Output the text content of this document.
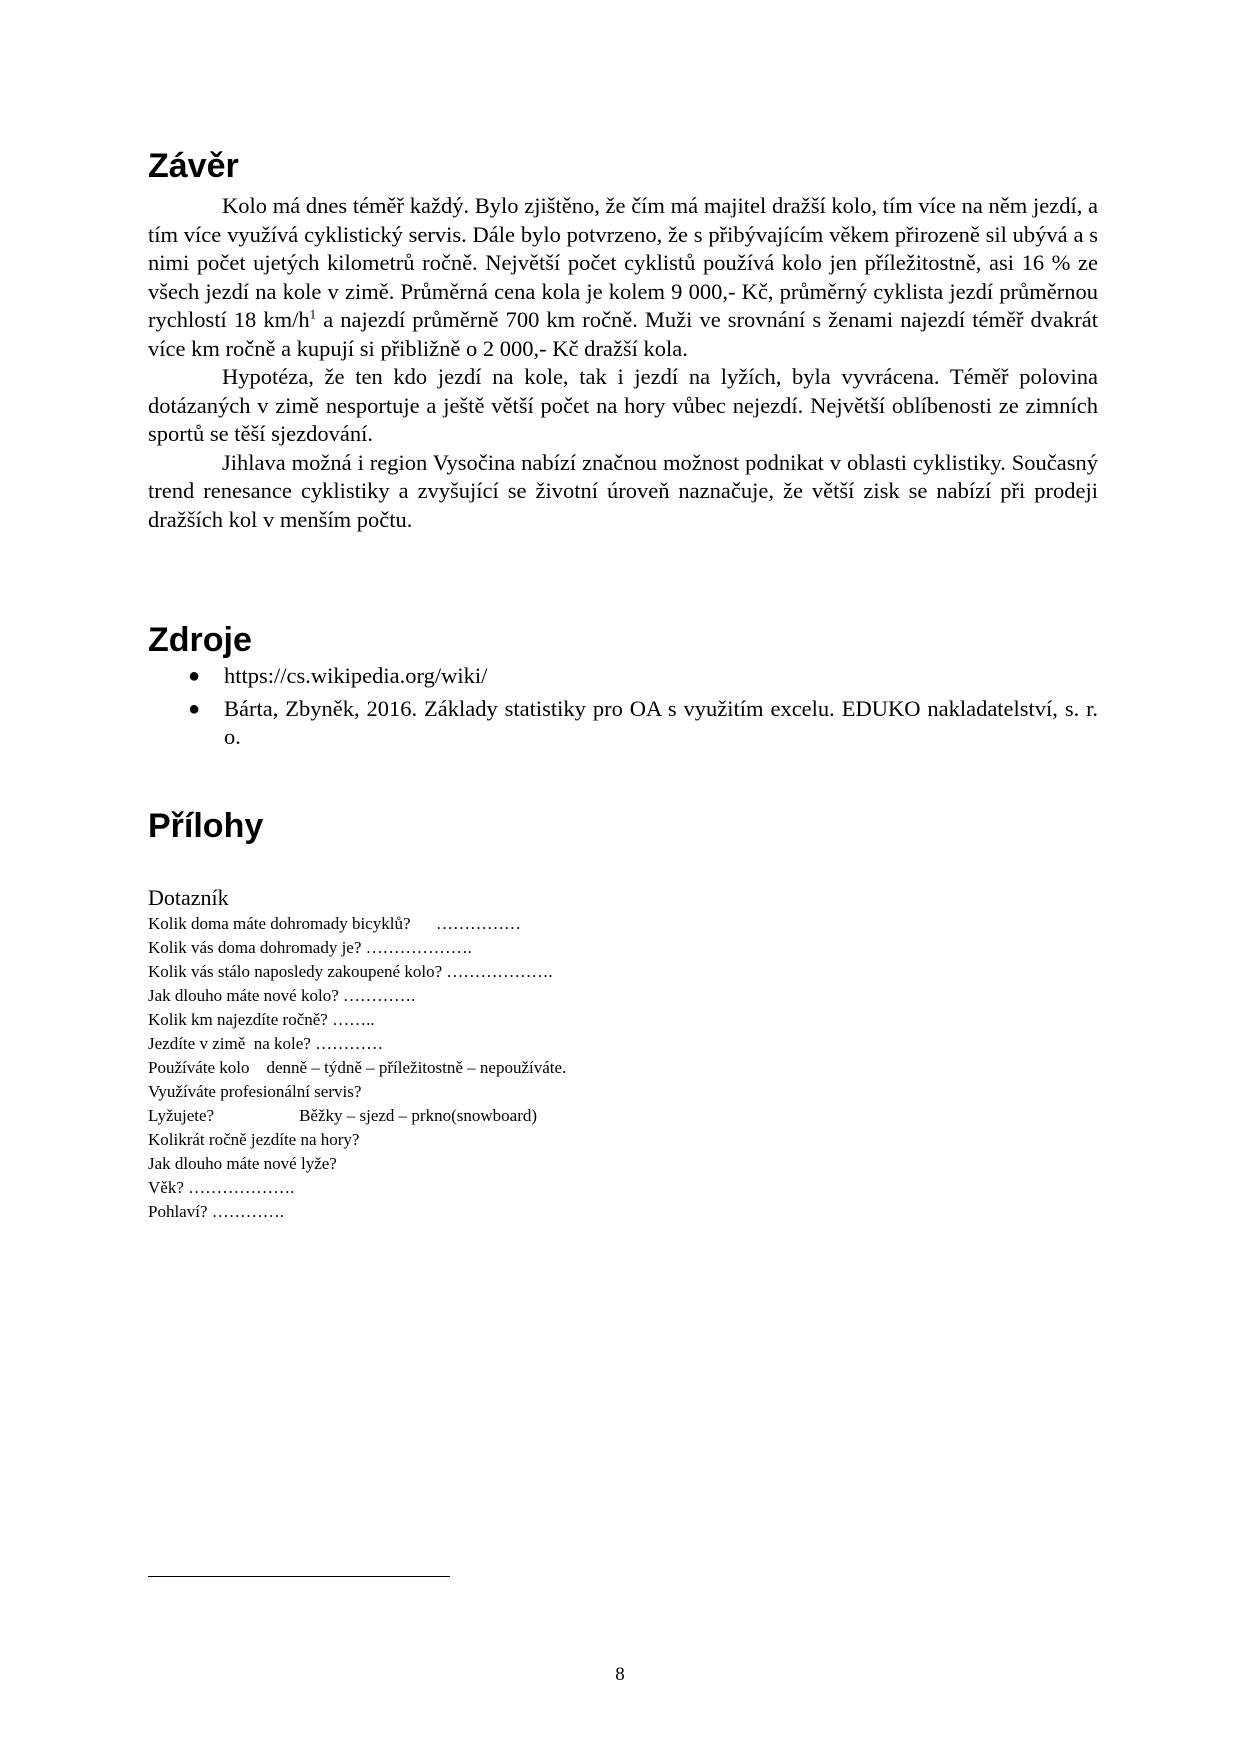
Závěr

Kolo má dnes téměř každý. Bylo zjištěno, že čím má majitel dražší kolo, tím více na něm jezdí, a tím více využívá cyklistický servis. Dále bylo potvrzeno, že s přibývajícím věkem přirozeně sil ubývá a s nimi počet ujetých kilometrů ročně. Největší počet cyklistů používá kolo jen příležitostně, asi 16 % ze všech jezdí na kole v zimě. Průměrná cena kola je kolem 9 000,- Kč, průměrný cyklista jezdí průměrnou rychlostí 18 $km/h^1$ a najezdí průměrně 700 km ročně. Muži ve srovnání s ženami najezdí téměř dvakrát více km ročně a kupují si přibližně o 2 000,- Kč dražší kola.

Hypotéza, že ten kdo jezdí na kole, tak i jezdí na lyžích, byla vyvrácena. Téměř polovina dotázaných v zimě nesportuje a ještě větší počet na hory vůbec nejezdí. Největší oblíbenosti ze zimních sportů se těší sjezdování.

Jihlava možná i region Vysočina nabízí značnou možnost podnikat v oblasti cyklistiky. Současný trend renesance cyklistiky a zvyšující se životní úroveň naznačuje, že větší zisk se nabízí při prodeji dražších kol v menším počtu.

Zdroje
● https://cs.wikipedia.org/wiki/
● Bárta, Zbyněk, 2016. Základy statistiky pro OA s využitím excelu. EDUKO nakladatelství, s. r. o.
Přílohy
Dotazník
Kolik doma máte dohromady bicyklů?      ……………
Kolik vás doma dohromady je? ……………….
Kolik vás stálo naposledy zakoupené kolo? ……………….
Jak dlouho máte nové kolo? ………….
Kolik km najezdíte ročně? ……..
Jezdíte v zimě  na kole? …………
Používáte kolo    denně – týdně – příležitostně – nepoužíváte.
Využíváte profesionální servis?
Lyžujete?                    Běžky – sjezd – prkno(snowboard)
Kolikrát ročně jezdíte na hory?
Jak dlouho máte nové lyže?
Věk? ……………….
Pohlaví? ………….
8
